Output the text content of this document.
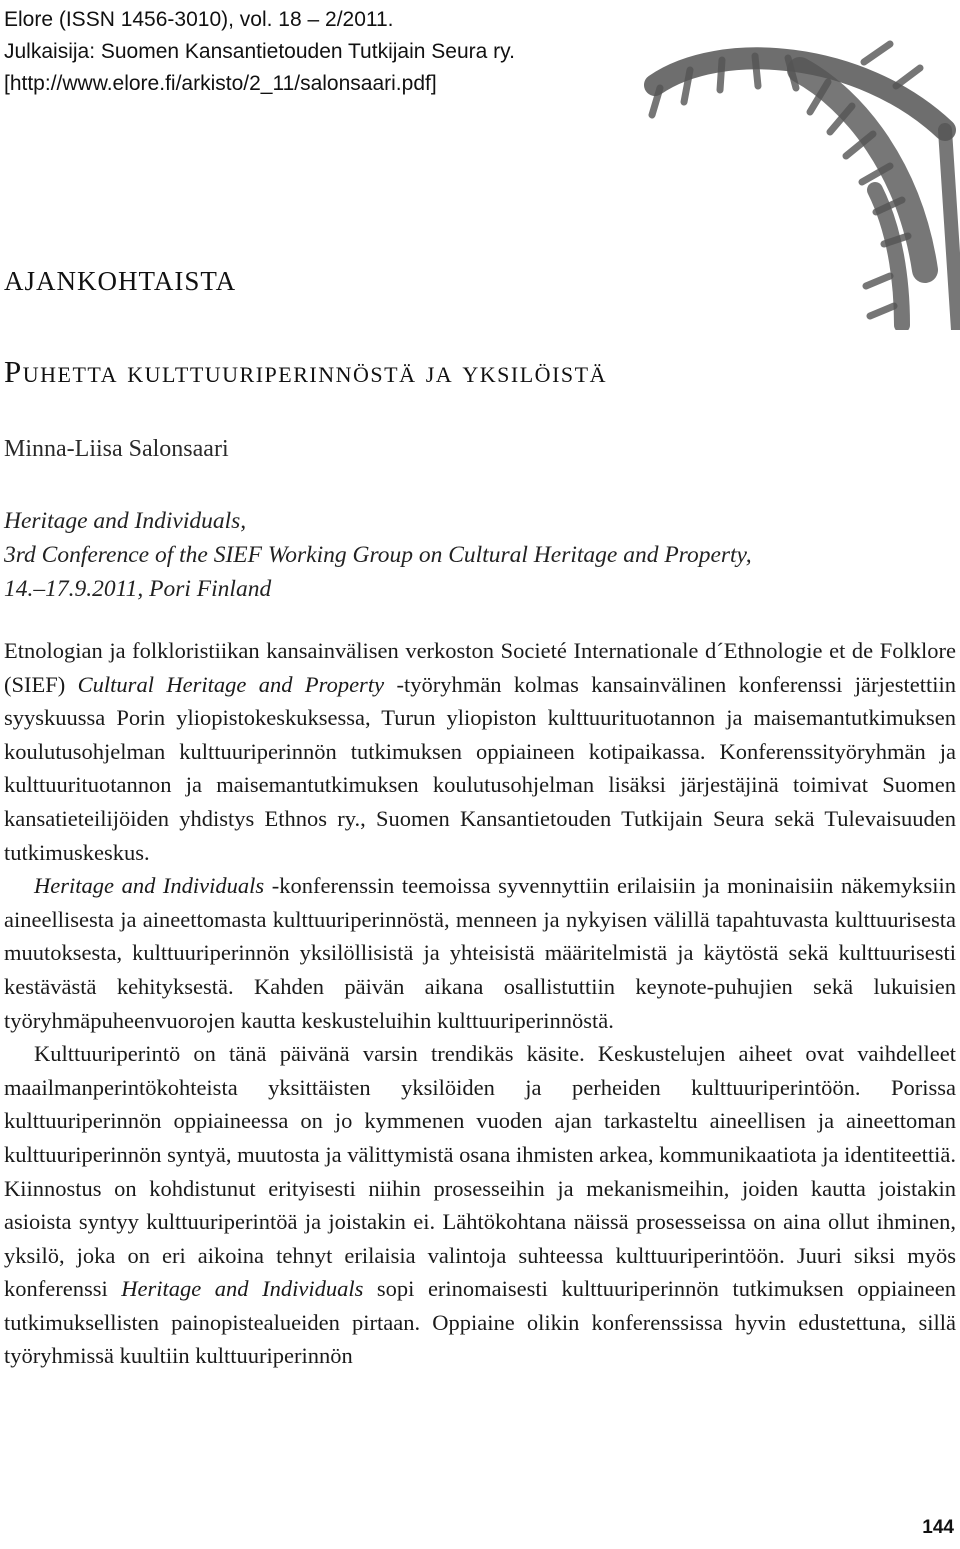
Elore (ISSN 1456-3010), vol. 18 – 2/2011.
Julkaisija: Suomen Kansantietouden Tutkijain Seura ry.
[http://www.elore.fi/arkisto/2_11/salonsaari.pdf]
AJANKOHTAISTA
Puhetta kulttuuriperinnöstä ja yksilöistä
Minna-Liisa Salonsaari
Heritage and Individuals,
3rd Conference of the SIEF Working Group on Cultural Heritage and Property,
14.–17.9.2011, Pori Finland

Etnologian ja folkloristiikan kansainvälisen verkoston Societé Internationale d´Ethnologie et de Folklore (SIEF) Cultural Heritage and Property -työryhmän kolmas kansainvälinen konferenssi järjestettiin syyskuussa Porin yliopistokeskuksessa, Turun yliopiston kulttuurituotannon ja maisemantutkimuksen koulutusohjelman kulttuuriperinnön tutkimuksen oppiaineen kotipaikassa. Konferenssityöryhmän ja kulttuurituotannon ja maisemantutkimuksen koulutusohjelman lisäksi järjestäjinä toimivat Suomen kansatieteilijöiden yhdistys Ethnos ry., Suomen Kansantietouden Tutkijain Seura sekä Tulevaisuuden tutkimuskeskus.

Heritage and Individuals -konferenssin teemoissa syvennyttiin erilaisiin ja moninaisiin näkemyksiin aineellisesta ja aineettomasta kulttuuriperinnöstä, menneen ja nykyisen välillä tapahtuvasta kulttuurisesta muutoksesta, kulttuuriperinnön yksilöllisistä ja yhteisistä määritelmistä ja käytöstä sekä kulttuurisesti kestävästä kehityksestä. Kahden päivän aikana osallistuttiin keynote-puhujien sekä lukuisien työryhmäpuheenvuorojen kautta keskusteluihin kulttuuriperinnöstä.

Kulttuuriperintö on tänä päivänä varsin trendikäs käsite. Keskustelujen aiheet ovat vaihdelleet maailmanperintökohteista yksittäisten yksilöiden ja perheiden kulttuuriperintöön. Porissa kulttuuriperinnön oppiaineessa on jo kymmenen vuoden ajan tarkasteltu aineellisen ja aineettoman kulttuuriperinnön syntyä, muutosta ja välittymistä osana ihmisten arkea, kommunikaatiota ja identiteettiä. Kiinnostus on kohdistunut erityisesti niihin prosesseihin ja mekanismeihin, joiden kautta joistakin asioista syntyy kulttuuriperintöä ja joistakin ei. Lähtökohtana näissä prosesseissa on aina ollut ihminen, yksilö, joka on eri aikoina tehnyt erilaisia valintoja suhteessa kulttuuriperintöön. Juuri siksi myös konferenssi Heritage and Individuals sopi erinomaisesti kulttuuriperinnön tutkimuksen oppiaineen tutkimuksellisten painopistealueiden pirtaan. Oppiaine olikin konferenssissa hyvin edustettuna, sillä työryhmissä kuultiin kulttuuriperinnön

144
